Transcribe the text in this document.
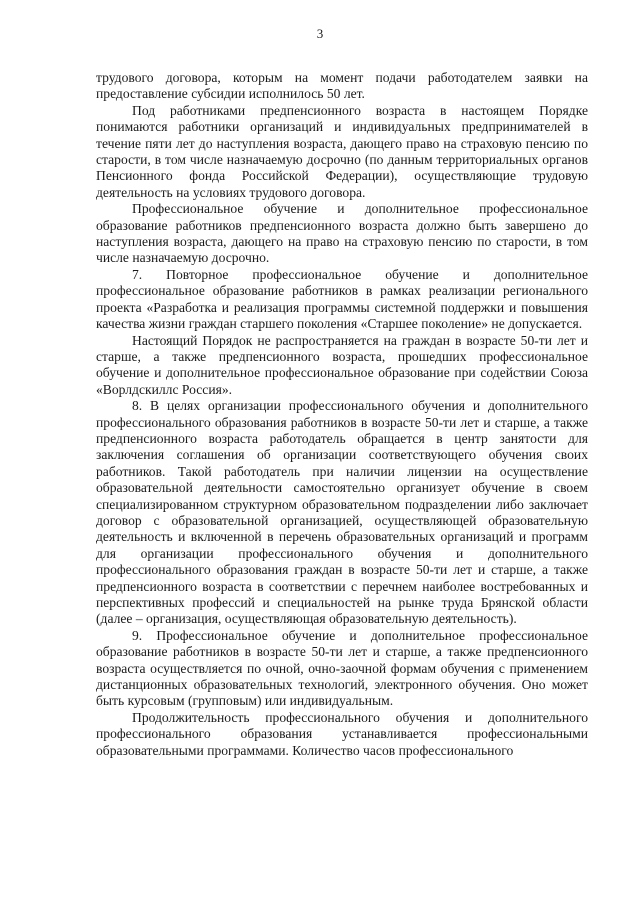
3

трудового договора, которым на момент подачи работодателем заявки на предоставление субсидии исполнилось 50 лет.

Под работниками предпенсионного возраста в настоящем Порядке понимаются работники организаций и индивидуальных предпринимателей в течение пяти лет до наступления возраста, дающего право на страховую пенсию по старости, в том числе назначаемую досрочно (по данным территориальных органов Пенсионного фонда Российской Федерации), осуществляющие трудовую деятельность на условиях трудового договора.

Профессиональное обучение и дополнительное профессиональное образование работников предпенсионного возраста должно быть завершено до наступления возраста, дающего на право на страховую пенсию по старости, в том числе назначаемую досрочно.

7. Повторное профессиональное обучение и дополнительное профессиональное образование работников в рамках реализации регионального проекта «Разработка и реализация программы системной поддержки и повышения качества жизни граждан старшего поколения «Старшее поколение» не допускается.

Настоящий Порядок не распространяется на граждан в возрасте 50-ти лет и старше, а также предпенсионного возраста, прошедших профессиональное обучение и дополнительное профессиональное образование при содействии Союза «Ворлдскиллс Россия».

8. В целях организации профессионального обучения и дополнительного профессионального образования работников в возрасте 50-ти лет и старше, а также предпенсионного возраста работодатель обращается в центр занятости для заключения соглашения об организации соответствующего обучения своих работников. Такой работодатель при наличии лицензии на осуществление образовательной деятельности самостоятельно организует обучение в своем специализированном структурном образовательном подразделении либо заключает договор с образовательной организацией, осуществляющей образовательную деятельность и включенной в перечень образовательных организаций и программ для организации профессионального обучения и дополнительного профессионального образования граждан в возрасте 50-ти лет и старше, а также предпенсионного возраста в соответствии с перечнем наиболее востребованных и перспективных профессий и специальностей на рынке труда Брянской области (далее – организация, осуществляющая образовательную деятельность).

9. Профессиональное обучение и дополнительное профессиональное образование работников в возрасте 50-ти лет и старше, а также предпенсионного возраста осуществляется по очной, очно-заочной формам обучения с применением дистанционных образовательных технологий, электронного обучения. Оно может быть курсовым (групповым) или индивидуальным.

Продолжительность профессионального обучения и дополнительного профессионального образования устанавливается профессиональными образовательными программами. Количество часов профессионального
